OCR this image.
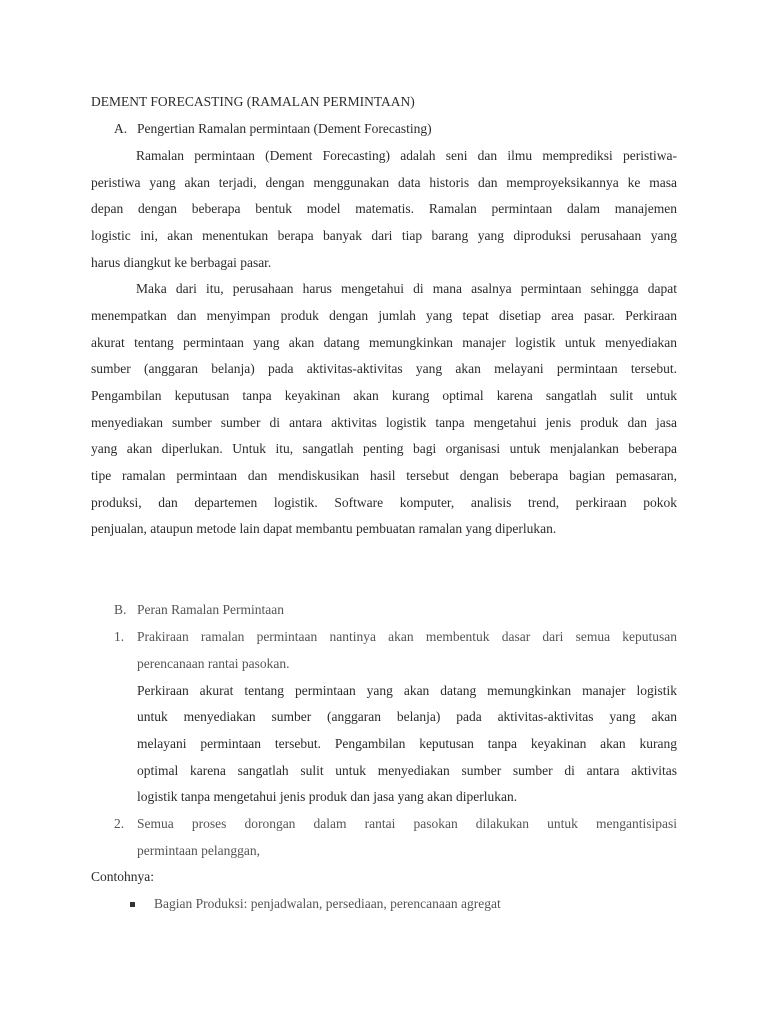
DEMENT FORECASTING (RAMALAN PERMINTAAN)
A. Pengertian Ramalan permintaan (Dement Forecasting)
Ramalan permintaan (Dement Forecasting) adalah seni dan ilmu memprediksi peristiwa-
peristiwa yang akan terjadi, dengan menggunakan data historis dan memproyeksikannya ke masa
depan dengan beberapa bentuk model matematis. Ramalan permintaan dalam manajemen
logistic ini, akan menentukan berapa banyak dari tiap barang yang diproduksi perusahaan yang
harus diangkut ke berbagai pasar.
Maka dari itu, perusahaan harus mengetahui di mana asalnya permintaan sehingga dapat
menempatkan dan menyimpan produk dengan jumlah yang tepat disetiap area pasar. Perkiraan
akurat tentang permintaan yang akan datang memungkinkan manajer logistik untuk menyediakan
sumber (anggaran belanja) pada aktivitas-aktivitas yang akan melayani permintaan tersebut.
Pengambilan keputusan tanpa keyakinan akan kurang optimal karena sangatlah sulit untuk
menyediakan sumber sumber di antara aktivitas logistik tanpa mengetahui jenis produk dan jasa
yang akan diperlukan. Untuk itu, sangatlah penting bagi organisasi untuk menjalankan beberapa
tipe ramalan permintaan dan mendiskusikan hasil tersebut dengan beberapa bagian pemasaran,
produksi, dan departemen logistik. Software komputer, analisis trend, perkiraan pokok
penjualan, ataupun metode lain dapat membantu pembuatan ramalan yang diperlukan.
B. Peran Ramalan Permintaan
1. Prakiraan ramalan permintaan nantinya akan membentuk dasar dari semua keputusan
perencanaan rantai pasokan.
Perkiraan akurat tentang permintaan yang akan datang memungkinkan manajer logistik
untuk menyediakan sumber (anggaran belanja) pada aktivitas-aktivitas yang akan
melayani permintaan tersebut. Pengambilan keputusan tanpa keyakinan akan kurang
optimal karena sangatlah sulit untuk menyediakan sumber sumber di antara aktivitas
logistik tanpa mengetahui jenis produk dan jasa yang akan diperlukan.
2. Semua proses dorongan dalam rantai pasokan dilakukan untuk mengantisipasi
permintaan pelanggan,
Contohnya:
Bagian Produksi: penjadwalan, persediaan, perencanaan agregat
